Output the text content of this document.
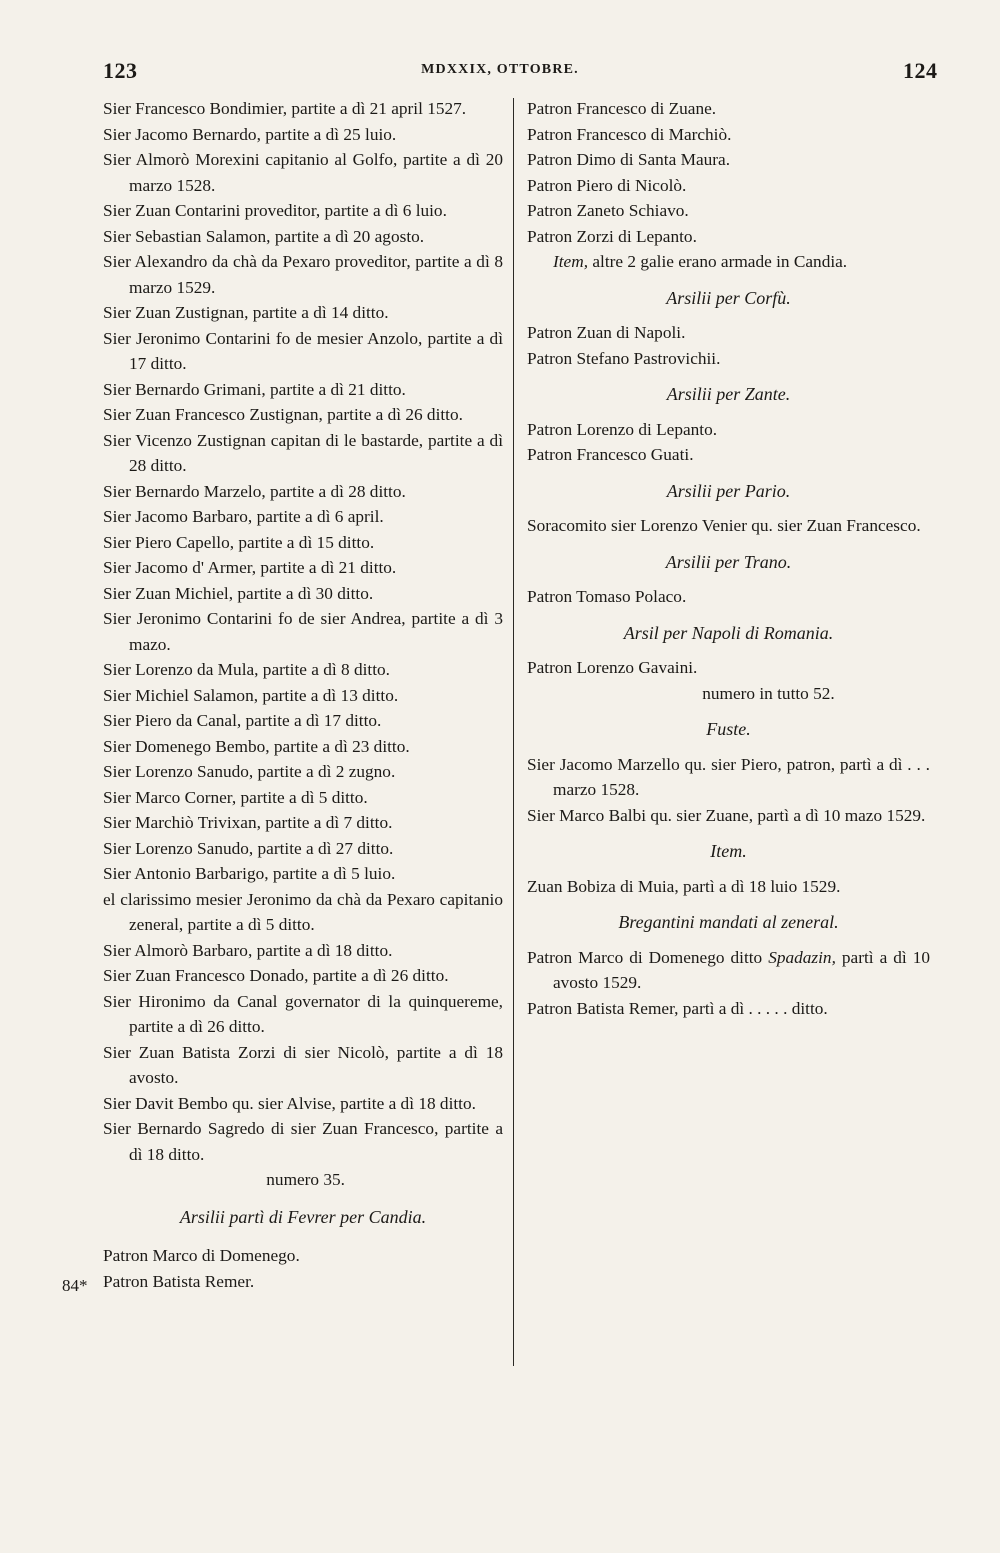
123	MDXXIX, OTTOBRE.	124
Sier Francesco Bondimier, partite a dì 21 april 1527.
Sier Jacomo Bernardo, partite a dì 25 luio.
Sier Almorò Morexini capitanio al Golfo, partite a dì 20 marzo 1528.
Sier Zuan Contarini proveditor, partite a dì 6 luio.
Sier Sebastian Salamon, partite a dì 20 agosto.
Sier Alexandro da chà da Pexaro proveditor, partite a dì 8 marzo 1529.
Sier Zuan Zustignan, partite a dì 14 ditto.
Sier Jeronimo Contarini fo de mesier Anzolo, partite a dì 17 ditto.
Sier Bernardo Grimani, partite a dì 21 ditto.
Sier Zuan Francesco Zustignan, partite a dì 26 ditto.
Sier Vicenzo Zustignan capitan di le bastarde, partite a dì 28 ditto.
Sier Bernardo Marzelo, partite a dì 28 ditto.
Sier Jacomo Barbaro, partite a dì 6 april.
Sier Piero Capello, partite a dì 15 ditto.
Sier Jacomo d' Armer, partite a dì 21 ditto.
Sier Zuan Michiel, partite a dì 30 ditto.
Sier Jeronimo Contarini fo de sier Andrea, partite a dì 3 mazo.
Sier Lorenzo da Mula, partite a dì 8 ditto.
Sier Michiel Salamon, partite a dì 13 ditto.
Sier Piero da Canal, partite a dì 17 ditto.
Sier Domenego Bembo, partite a dì 23 ditto.
Sier Lorenzo Sanudo, partite a dì 2 zugno.
Sier Marco Corner, partite a dì 5 ditto.
Sier Marchiò Trivixan, partite a dì 7 ditto.
Sier Lorenzo Sanudo, partite a dì 27 ditto.
Sier Antonio Barbarigo, partite a dì 5 luio.
el clarissimo mesier Jeronimo da chà da Pexaro capitanio zeneral, partite a dì 5 ditto.
Sier Almorò Barbaro, partite a dì 18 ditto.
Sier Zuan Francesco Donado, partite a dì 26 ditto.
Sier Hironimo da Canal governator di la quinquereme, partite a dì 26 ditto.
Sier Zuan Batista Zorzi di sier Nicolò, partite a dì 18 avosto.
Sier Davit Bembo qu. sier Alvise, partite a dì 18 ditto.
Sier Bernardo Sagredo di sier Zuan Francesco, partite a dì 18 ditto.
numero 35.
Arsilii partì di Fevrer per Candia.
Patron Marco di Domenego.
Patron Batista Remer.
84*
Patron Francesco di Zuane.
Patron Francesco di Marchiò.
Patron Dimo di Santa Maura.
Patron Piero di Nicolò.
Patron Zaneto Schiavo.
Patron Zorzi di Lepanto.
Item, altre 2 galie erano armade in Candia.
Arsilii per Corfù.
Patron Zuan di Napoli.
Patron Stefano Pastrovichii.
Arsilii per Zante.
Patron Lorenzo di Lepanto.
Patron Francesco Guati.
Arsilii per Pario.
Soracomito sier Lorenzo Venier qu. sier Zuan Francesco.
Arsilii per Trano.
Patron Tomaso Polaco.
Arsil per Napoli di Romania.
Patron Lorenzo Gavaini.
numero in tutto 52.
Fuste.
Sier Jacomo Marzello qu. sier Piero, patron, partì a dì . . . marzo 1528.
Sier Marco Balbi qu. sier Zuane, partì a dì 10 mazo 1529.
Item.
Zuan Bobiza di Muia, partì a dì 18 luio 1529.
Bregantini mandati al zeneral.
Patron Marco di Domenego ditto Spadazin, partì a dì 10 avosto 1529.
Patron Batista Remer, partì a dì . . . . . ditto.
